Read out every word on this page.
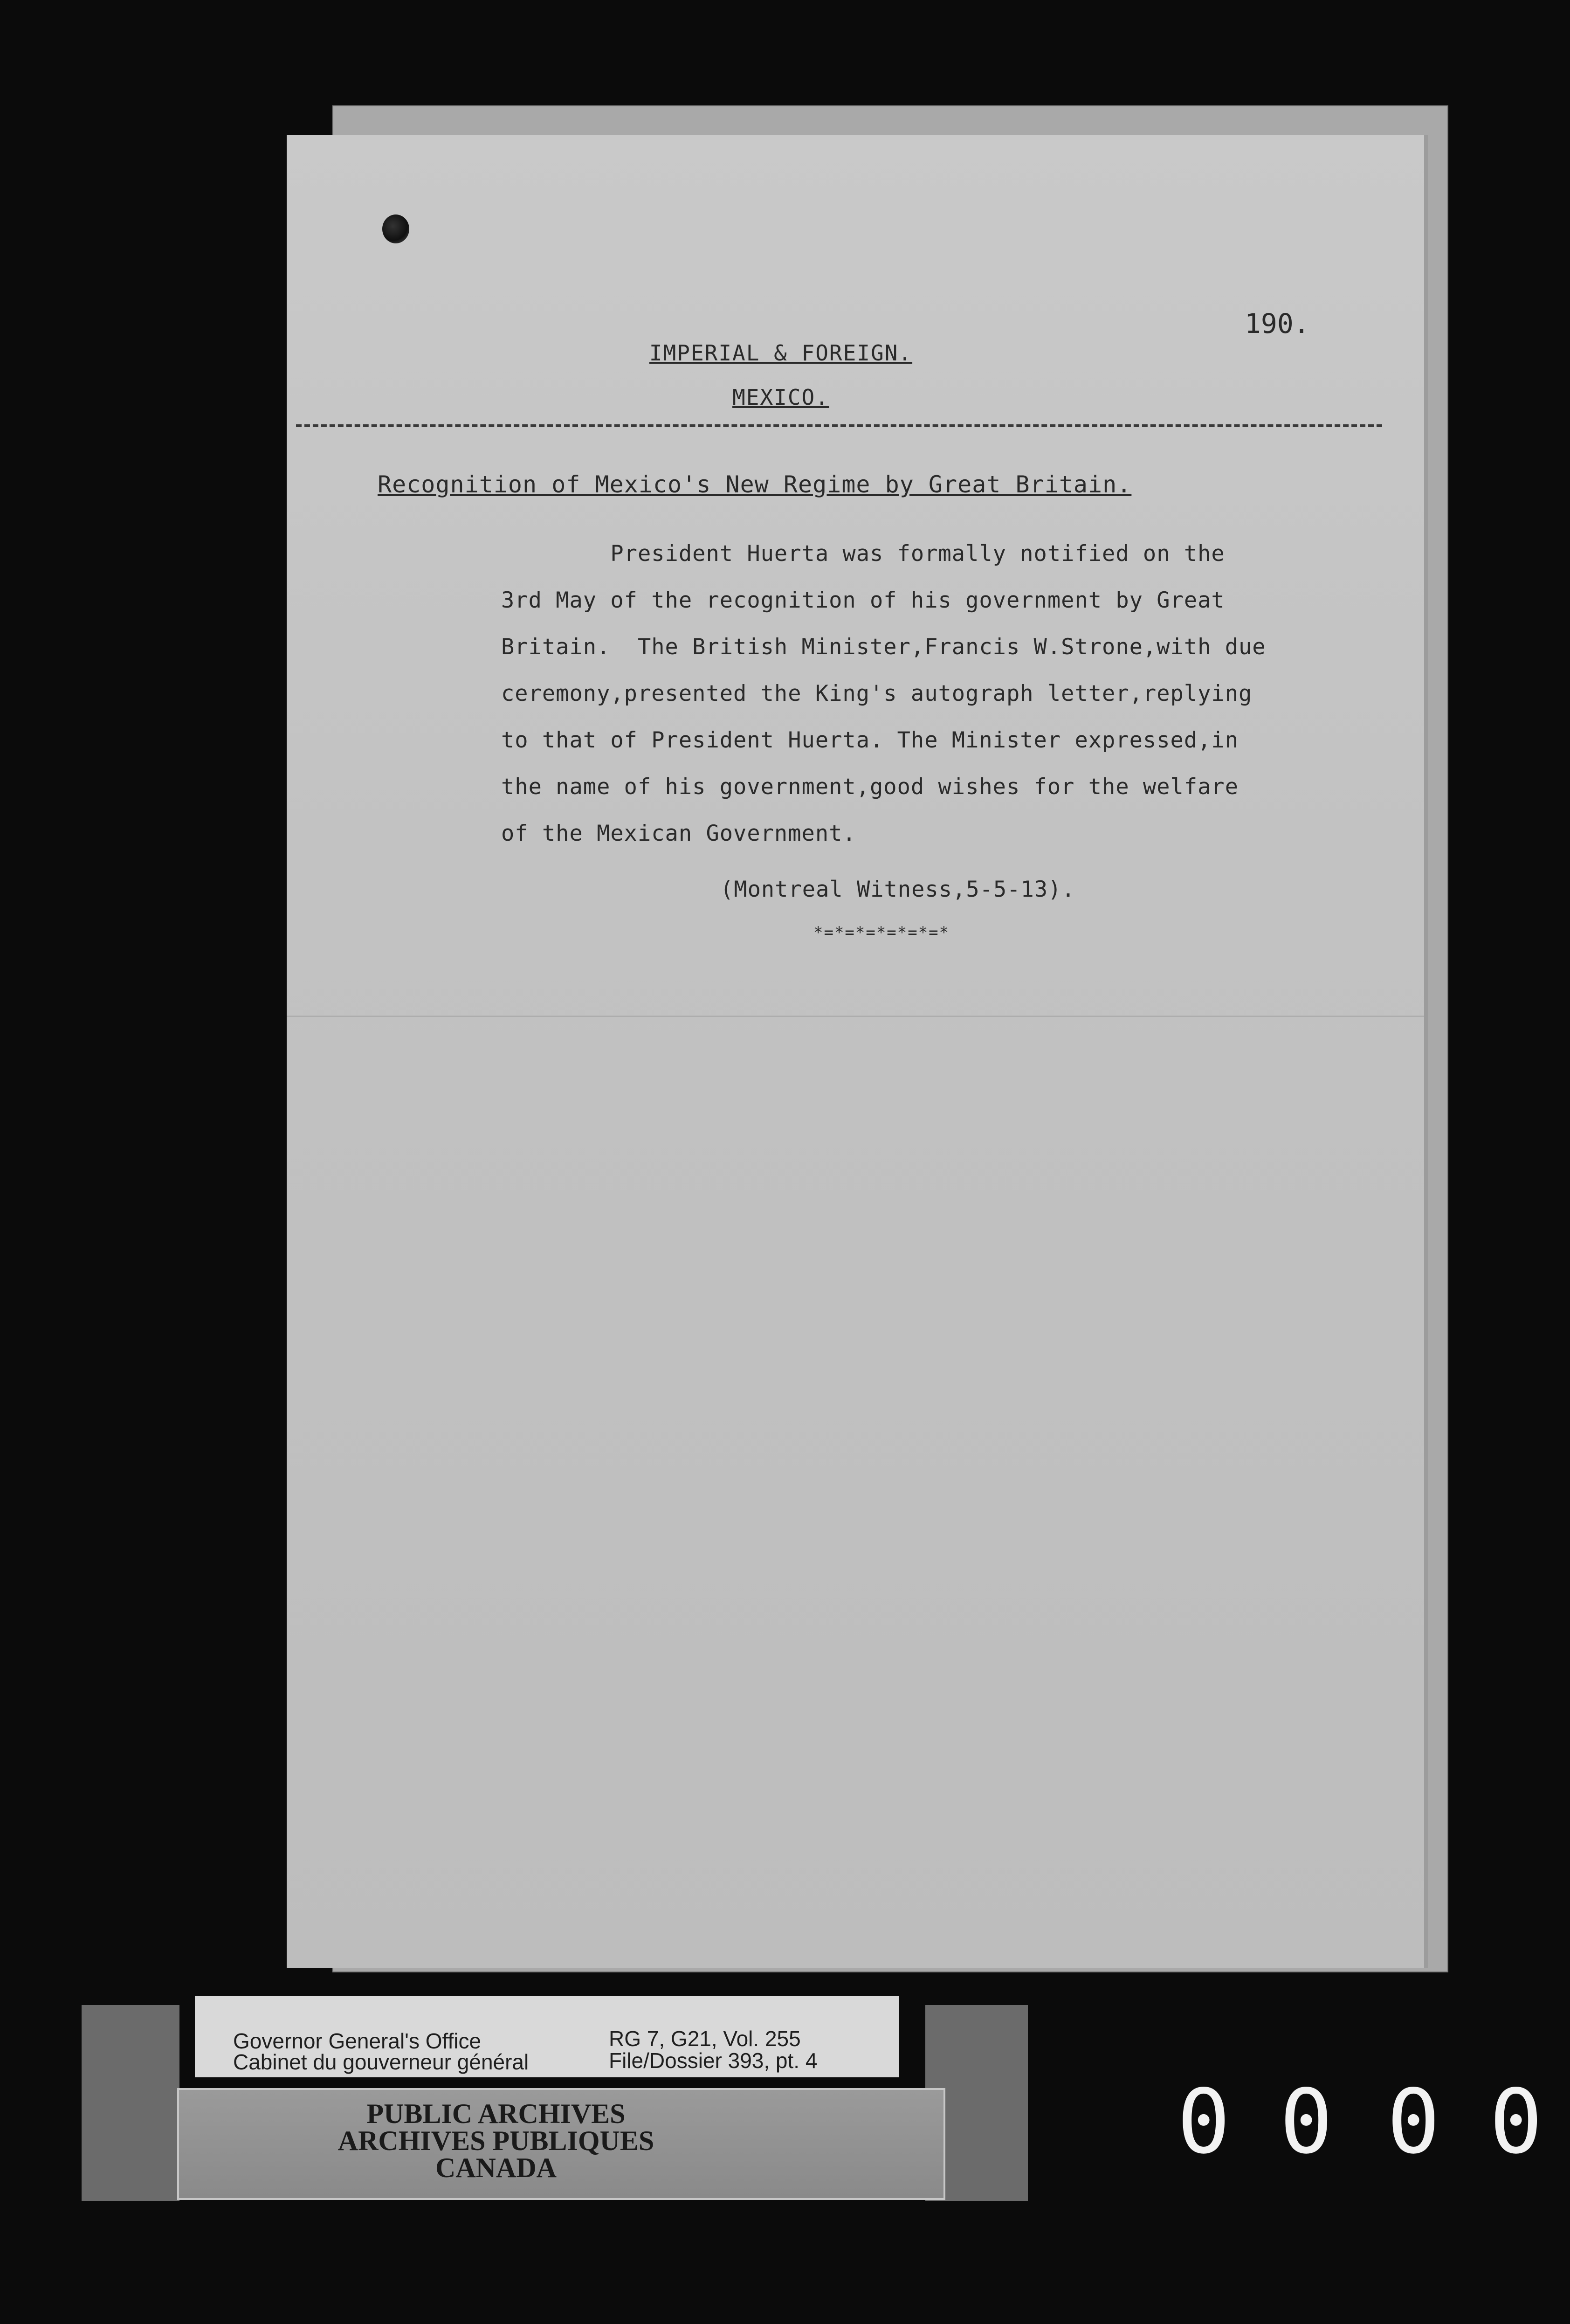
190.
IMPERIAL & FOREIGN.
MEXICO.
Recognition of Mexico's New Regime by Great Britain.
President Huerta was formally notified on the
3rd May of the recognition of his government by Great
Britain.  The British Minister,Francis W.Strone,with due
ceremony,presented the King's autograph letter,replying
to that of President Huerta. The Minister expressed,in
the name of his government,good wishes for the welfare
of the Mexican Government.
(Montreal Witness,5-5-13).
*=*=*=*=*=*=*
Governor General's Office
Cabinet du gouverneur général
RG 7, G21, Vol. 255
File/Dossier 393, pt. 4
PUBLIC ARCHIVES
ARCHIVES PUBLIQUES
CANADA	0 0 0 0
